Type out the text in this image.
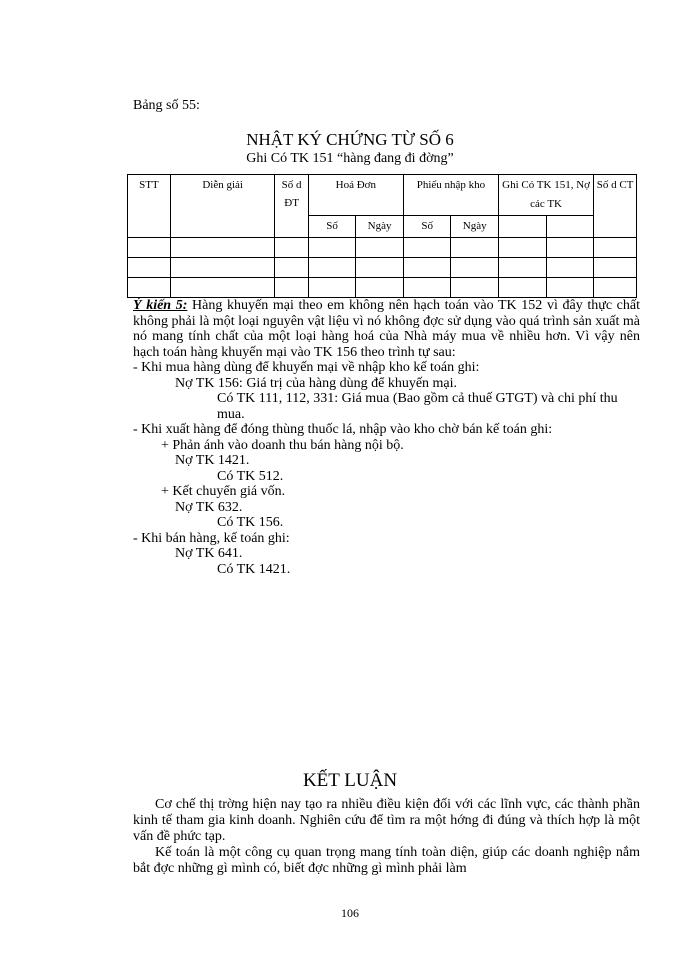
Bảng số 55:
NHẬT KÝ CHỨNG TỪ SỐ 6
Ghi Có TK 151 “hàng đang đi đờng”
STT	Diễn giải	Số d ĐT	Hoá Đơn		Phiếu nhập kho		Ghi Có TK 151, Nợ các TK		Số d CT
			Số	Ngày	Số	Ngày			

Ý kiến 5: Hàng khuyến mại theo em không nên hạch toán vào TK 152 vì đây thực chất không phải là một loại nguyên vật liệu vì nó không đợc sử dụng vào quá trình sản xuất mà nó mang tính chất của một loại hàng hoá của Nhà máy mua về nhiều hơn. Vì vậy nên hạch toán hàng khuyến mại vào TK 156 theo trình tự sau:
- Khi mua hàng dùng để khuyến mại về nhập kho kế toán ghi:
Nợ TK 156: Giá trị của hàng dùng để khuyến mại.
Có TK 111, 112, 331: Giá mua (Bao gồm cả thuế GTGT) và chi phí thu mua.
- Khi xuất hàng để đóng thùng thuốc lá, nhập vào kho chờ bán kế toán ghi:
+ Phản ánh vào doanh thu bán hàng nội bộ.
Nợ TK 1421.
Có TK 512.
+ Kết chuyển giá vốn.
Nợ TK 632.
Có TK 156.
- Khi bán hàng, kế toán ghi:
Nợ TK 641.
Có TK 1421.
KẾT LUẬN

Cơ chế thị trờng hiện nay tạo ra nhiều điều kiện đối với các lĩnh vực, các thành phần kinh tế tham gia kinh doanh. Nghiên cứu để tìm ra một hớng đi đúng và thích hợp là một vấn đề phức tạp.

Kế toán là một công cụ quan trọng mang tính toàn diện, giúp các doanh nghiệp nắm bắt đợc những gì mình có, biết đợc những gì mình phải làm

106
